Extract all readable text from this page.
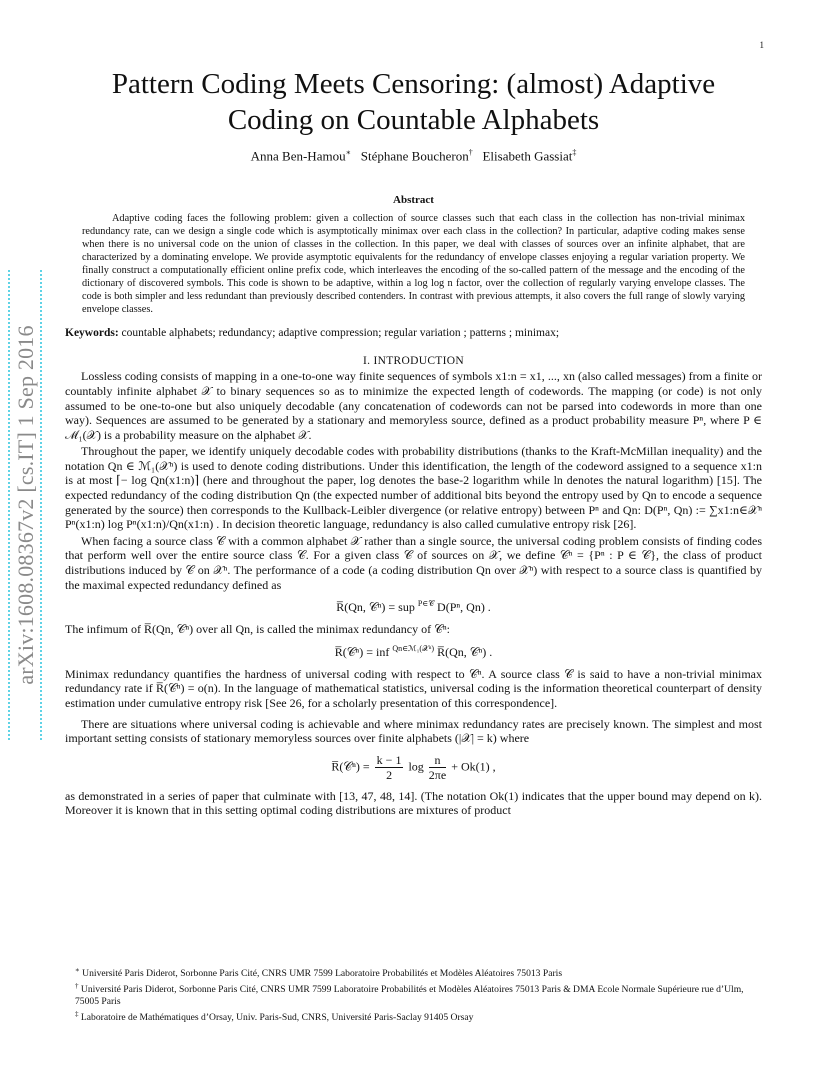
1
arXiv:1608.08367v2 [cs.IT] 1 Sep 2016
Pattern Coding Meets Censoring: (almost) Adaptive
Coding on Countable Alphabets
Anna Ben-Hamou∗ Stéphane Boucheron† Elisabeth Gassiat‡
Abstract

Adaptive coding faces the following problem: given a collection of source classes such that each class in the collection has non-trivial minimax redundancy rate, can we design a single code which is asymptotically minimax over each class in the collection? In particular, adaptive coding makes sense when there is no universal code on the union of classes in the collection. In this paper, we deal with classes of sources over an infinite alphabet, that are characterized by a dominating envelope. We provide asymptotic equivalents for the redundancy of envelope classes enjoying a regular variation property. We finally construct a computationally efficient online prefix code, which interleaves the encoding of the so-called pattern of the message and the encoding of the dictionary of discovered symbols. This code is shown to be adaptive, within a log log n factor, over the collection of regularly varying envelope classes. The code is both simpler and less redundant than previously described contenders. In contrast with previous attempts, it also covers the full range of slowly varying envelope classes.

Keywords: countable alphabets; redundancy; adaptive compression; regular variation ; patterns ; minimax;
I. INTRODUCTION

Lossless coding consists of mapping in a one-to-one way finite sequences of symbols x1:n = x1, ..., xn (also called messages) from a finite or countably infinite alphabet 𝒳 to binary sequences so as to minimize the expected length of codewords. The mapping (or code) is not only assumed to be one-to-one but also uniquely decodable (any concatenation of codewords can not be parsed into codewords in more than one way). Sequences are assumed to be generated by a stationary and memoryless source, defined as a product probability measure Pⁿ, where P ∈ ℳ₁(𝒳) is a probability measure on the alphabet 𝒳.

Throughout the paper, we identify uniquely decodable codes with probability distributions (thanks to the Kraft-McMillan inequality) and the notation Qn ∈ ℳ₁(𝒳ⁿ) is used to denote coding distributions. Under this identification, the length of the codeword assigned to a sequence x1:n is at most ⌈− log Qn(x1:n)⌉ (here and throughout the paper, log denotes the base-2 logarithm while ln denotes the natural logarithm) [15]. The expected redundancy of the coding distribution Qn (the expected number of additional bits beyond the entropy used by Qn to encode a sequence generated by the source) then corresponds to the Kullback-Leibler divergence (or relative entropy) between Pⁿ and Qn: D(Pⁿ, Qn) := ∑x1:n∈𝒳ⁿ Pⁿ(x1:n) log Pⁿ(x1:n)/Qn(x1:n) . In decision theoretic language, redundancy is also called cumulative entropy risk [26].

When facing a source class 𝒞 with a common alphabet 𝒳 rather than a single source, the universal coding problem consists of finding codes that perform well over the entire source class 𝒞. For a given class 𝒞 of sources on 𝒳, we define 𝒞ⁿ = {Pⁿ : P ∈ 𝒞}, the class of product distributions induced by 𝒞 on 𝒳ⁿ. The performance of a code (a coding distribution Qn over 𝒳ⁿ) with respect to a source class is quantified by the maximal expected redundancy defined as

R̅(Qn, 𝒞ⁿ) = sup P∈𝒞 D(Pⁿ, Qn) .

The infimum of R̅(Qn, 𝒞ⁿ) over all Qn, is called the minimax redundancy of 𝒞ⁿ:

R̅(𝒞ⁿ) = inf Qn∈ℳ₁(𝒳ⁿ) R̅(Qn, 𝒞ⁿ) .

Minimax redundancy quantifies the hardness of universal coding with respect to 𝒞ⁿ. A source class 𝒞 is said to have a non-trivial minimax redundancy rate if R̅(𝒞ⁿ) = o(n). In the language of mathematical statistics, universal coding is the information theoretical counterpart of density estimation under cumulative entropy risk [See 26, for a scholarly presentation of this correspondence].

There are situations where universal coding is achievable and where minimax redundancy rates are precisely known. The simplest and most important setting consists of stationary memoryless sources over finite alphabets (|𝒳| = k) where

R̅(𝒞ⁿ) = $\frac{k - 1}{2}$ $\log \frac{n}{2\pi e} + Ok(1)$ ,

as demonstrated in a series of paper that culminate with [13, 47, 48, 14]. (The notation Ok(1) indicates that the upper bound may depend on k). Moreover it is known that in this setting optimal coding distributions are mixtures of product

∗ Université Paris Diderot, Sorbonne Paris Cité, CNRS UMR 7599 Laboratoire Probabilités et Modèles Aléatoires 75013 Paris

† Université Paris Diderot, Sorbonne Paris Cité, CNRS UMR 7599 Laboratoire Probabilités et Modèles Aléatoires 75013 Paris & DMA Ecole Normale Supérieure rue d’Ulm, 75005 Paris

‡ Laboratoire de Mathématiques d’Orsay, Univ. Paris-Sud, CNRS, Université Paris-Saclay 91405 Orsay
